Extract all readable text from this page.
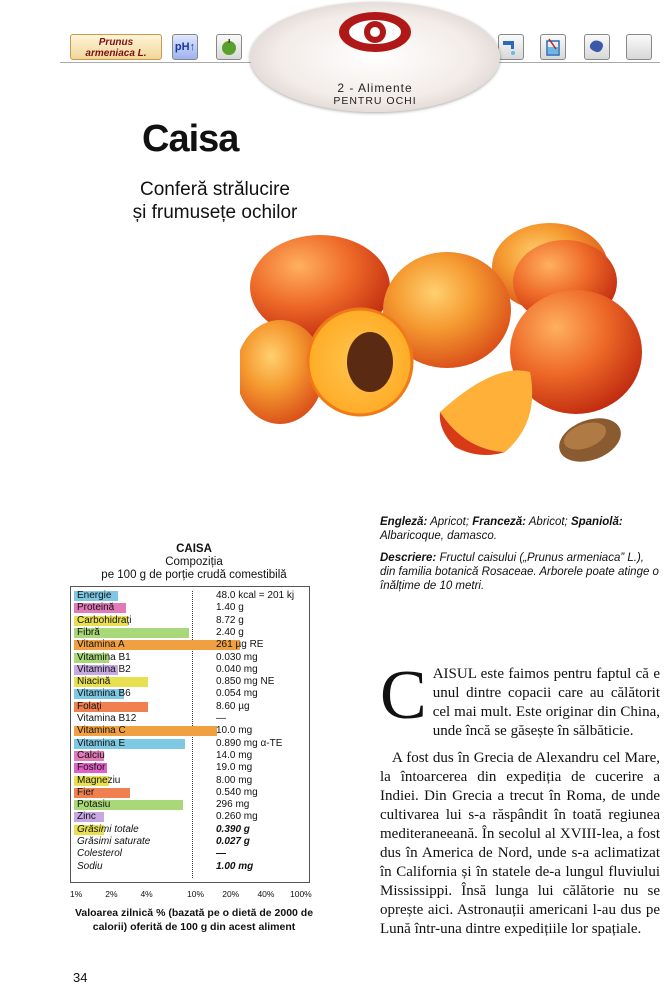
Prunus
armeniaca L.
pH↑
2 - Alimente
PENTRU OCHI
Caisa
Conferă strălucire
și frumusețe ochilor
CAISA
Compoziția
pe 100 g de porție crudă comestibilă
Energie	48.0 kcal = 201 kj
Proteină	1.40 g
Carbohidrați	8.72 g
Fibră	2.40 g
Vitamina A	261 µg RE
Vitamina B1	0.030 mg
Vitamina B2	0.040 mg
Niacină	0.850 mg NE
Vitamina B6	0.054 mg
Folați	8.60 µg
Vitamina B12	—
Vitamina C	10.0 mg
Vitamina E	0.890 mg α-TE
Calciu	14.0 mg
Fosfor	19.0 mg
Magneziu	8.00 mg
Fier	0.540 mg
Potasiu	296 mg
Zinc	0.260 mg
Grăsimi totale	0.390 g
Grăsimi saturate	0.027 g
Colesterol	—
Sodiu	1.00 mg
1%	2%	4%	10% 20% 40% 100%
Valoarea zilnică % (bazată pe o dietă de 2000 de calorii) oferită de 100 g din acest aliment
34

Engleză: Apricot; Franceză: Abricot; Spaniolă: Albaricoque, damasco.

Descriere: Fructul caisului („Prunus armeniaca” L.), din familia botanică Rosaceae. Arborele poate atinge o înălțime de 10 metri.

CAISUL este faimos pentru faptul că e unul dintre copacii care au călătorit cel mai mult. Este originar din China, unde încă se găsește în sălbăticie.

A fost dus în Grecia de Alexandru cel Mare, la întoarcerea din expediția de cucerire a Indiei. Din Grecia a trecut în Roma, de unde cultivarea lui s-a răspândit în toată regiunea mediteraneeană. În secolul al XVIII-lea, a fost dus în America de Nord, unde s-a aclimatizat în California și în statele de-a lungul fluviului Mississippi. Însă lunga lui călătorie nu se oprește aici. Astronauții americani l-au dus pe Lună într-una dintre expedițiile lor spațiale.
